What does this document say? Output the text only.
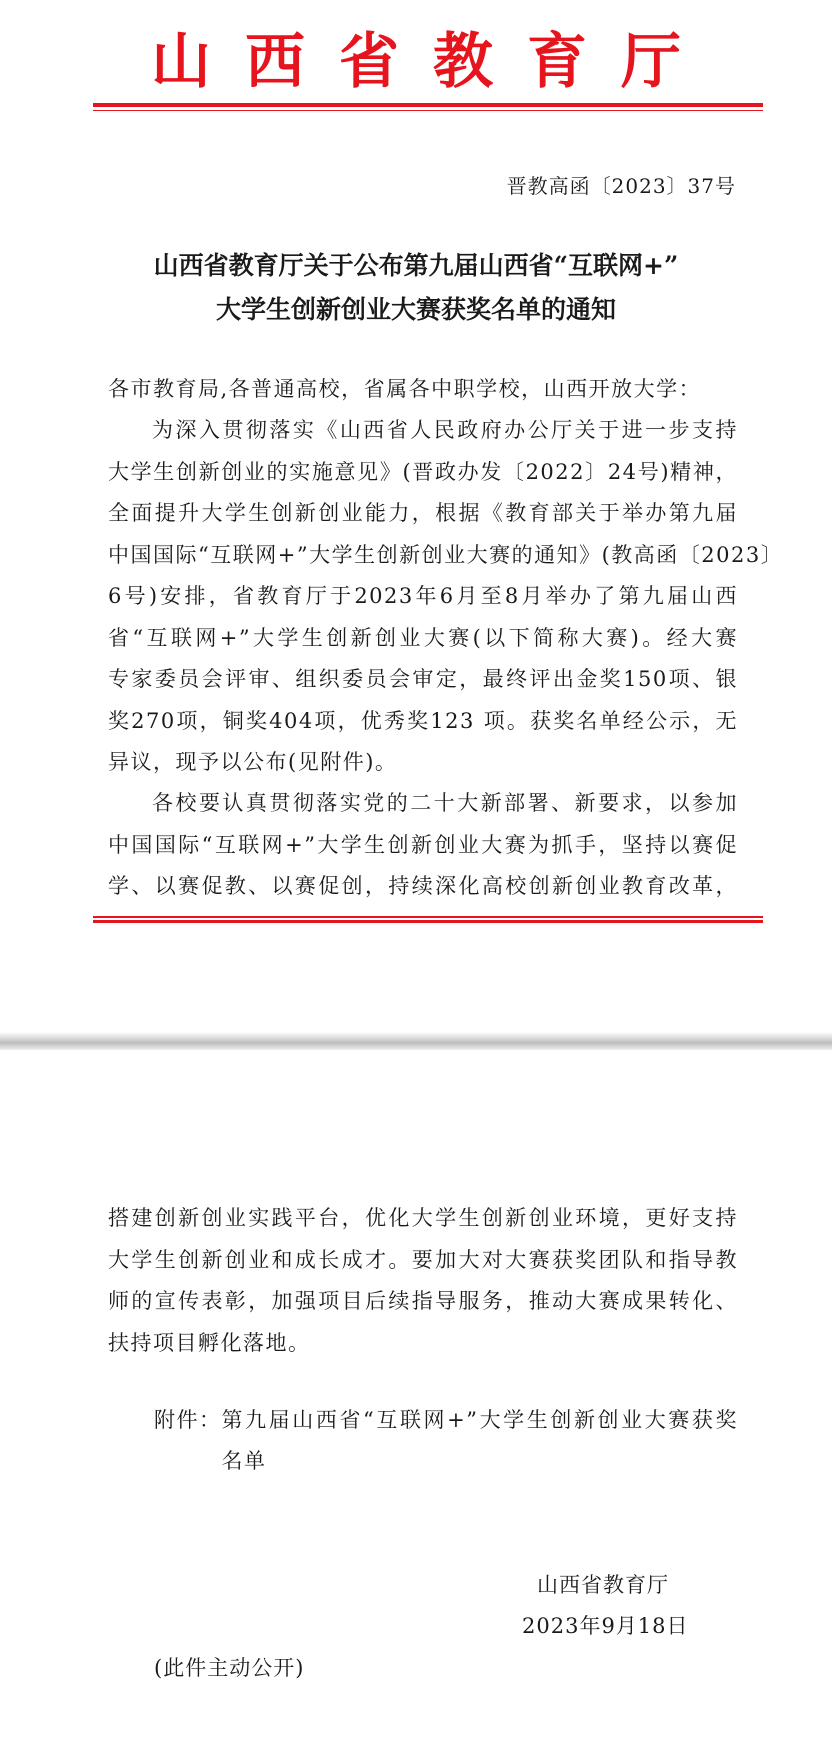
山西省教育厅
晋教高函〔2023〕37号
山西省教育厅关于公布第九届山西省“互联网+”
大学生创新创业大赛获奖名单的通知
各市教育局,各普通高校，省属各中职学校，山西开放大学：
为深入贯彻落实《山西省人民政府办公厅关于进一步支持
大学生创新创业的实施意见》(晋政办发〔2022〕24号)精神，
全面提升大学生创新创业能力，根据《教育部关于举办第九届
中国国际“互联网+”大学生创新创业大赛的通知》(教高函〔2023〕
6号)安排，省教育厅于2023年6月至8月举办了第九届山西
省“互联网+”大学生创新创业大赛(以下简称大赛)。经大赛
专家委员会评审、组织委员会审定，最终评出金奖150项、银
奖270项，铜奖404项，优秀奖123 项。获奖名单经公示，无
异议，现予以公布(见附件)。
各校要认真贯彻落实党的二十大新部署、新要求，以参加
中国国际“互联网+”大学生创新创业大赛为抓手，坚持以赛促
学、以赛促教、以赛促创，持续深化高校创新创业教育改革，
搭建创新创业实践平台，优化大学生创新创业环境，更好支持
大学生创新创业和成长成才。要加大对大赛获奖团队和指导教
师的宣传表彰，加强项目后续指导服务，推动大赛成果转化、
扶持项目孵化落地。
附件： 第九届山西省“互联网+”大学生创新创业大赛获奖
名单
山西省教育厅
2023年9月18日
(此件主动公开)
